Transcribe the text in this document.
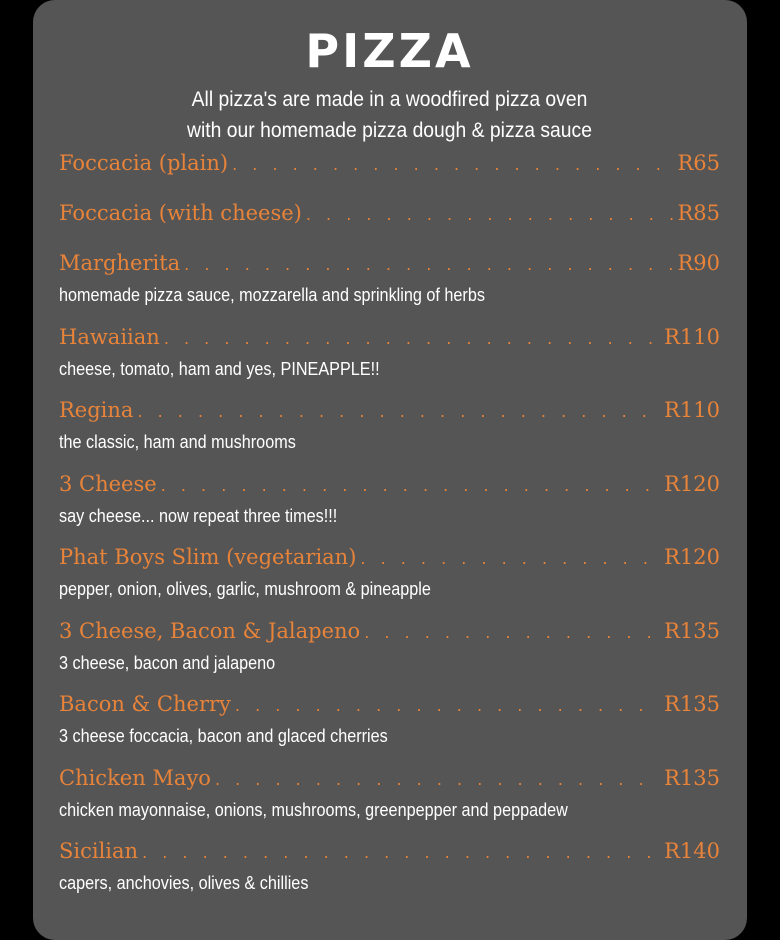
PIZZA
All pizza's are made in a woodfired pizza oven
with our homemade pizza dough & pizza sauce
Foccacia (plain) . . .	R65
Foccacia (with cheese) . . .	R85
Margherita . . .	R90
homemade pizza sauce, mozzarella and sprinkling of herbs
Hawaiian . . .	R110
cheese, tomato, ham and yes, PINEAPPLE!!
Regina . . .	R110
the classic, ham and mushrooms
3 Cheese . . .	R120
say cheese... now repeat three times!!!
Phat Boys Slim (vegetarian) . . .	R120
pepper, onion, olives, garlic, mushroom & pineapple
3 Cheese, Bacon & Jalapeno . . .	R135
3 cheese, bacon and jalapeno
Bacon & Cherry . . .	R135
3 cheese foccacia, bacon and glaced cherries
Chicken Mayo . . .	R135
chicken mayonnaise, onions, mushrooms, greenpepper and peppadew
Sicilian . . .	R140
capers, anchovies, olives & chillies
